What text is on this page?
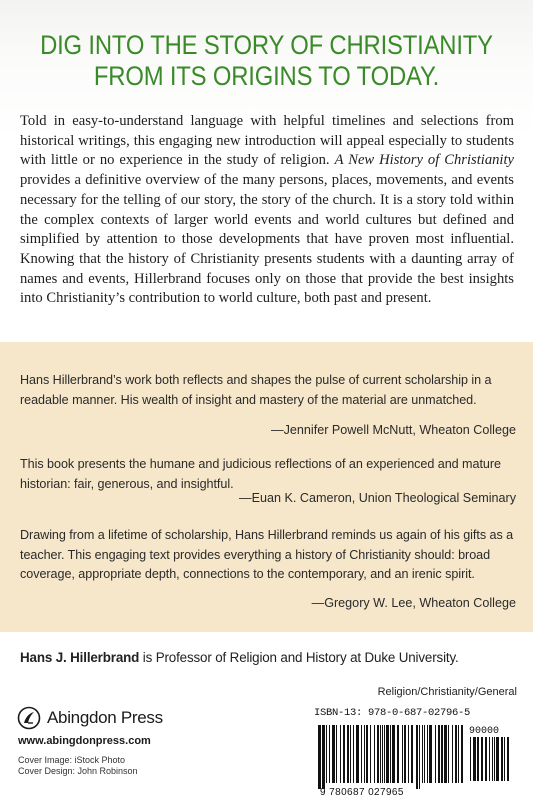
DIG INTO THE STORY OF CHRISTIANITY
FROM ITS ORIGINS TO TODAY.

Told in easy-to-understand language with helpful timelines and selections from historical writings, this engaging new introduction will appeal especially to students with little or no experience in the study of religion. A New History of Christianity provides a definitive overview of the many persons, places, movements, and events necessary for the telling of our story, the story of the church. It is a story told within the complex contexts of larger world events and world cultures but defined and simplified by attention to those developments that have proven most influential. Knowing that the history of Christianity presents students with a daunting array of names and events, Hillerbrand focuses only on those that provide the best insights into Christianity’s contribution to world culture, both past and present.

Hans Hillerbrand’s work both reflects and shapes the pulse of current scholarship in a readable manner. His wealth of insight and mastery of the material are unmatched.

—Jennifer Powell McNutt, Wheaton College

This book presents the humane and judicious reflections of an experienced and mature historian: fair, generous, and insightful.

—Euan K. Cameron, Union Theological Seminary

Drawing from a lifetime of scholarship, Hans Hillerbrand reminds us again of his gifts as a teacher. This engaging text provides everything a history of Christianity should: broad coverage, appropriate depth, connections to the contemporary, and an irenic spirit.

—Gregory W. Lee, Wheaton College
Hans J. Hillerbrand is Professor of Religion and History at Duke University.
Religion/Christianity/General
Abingdon Press
www.abingdonpress.com
Cover Image: iStock Photo
Cover Design: John Robinson
ISBN-13: 978-0-687-02796-5
90000
9 780687 027965
